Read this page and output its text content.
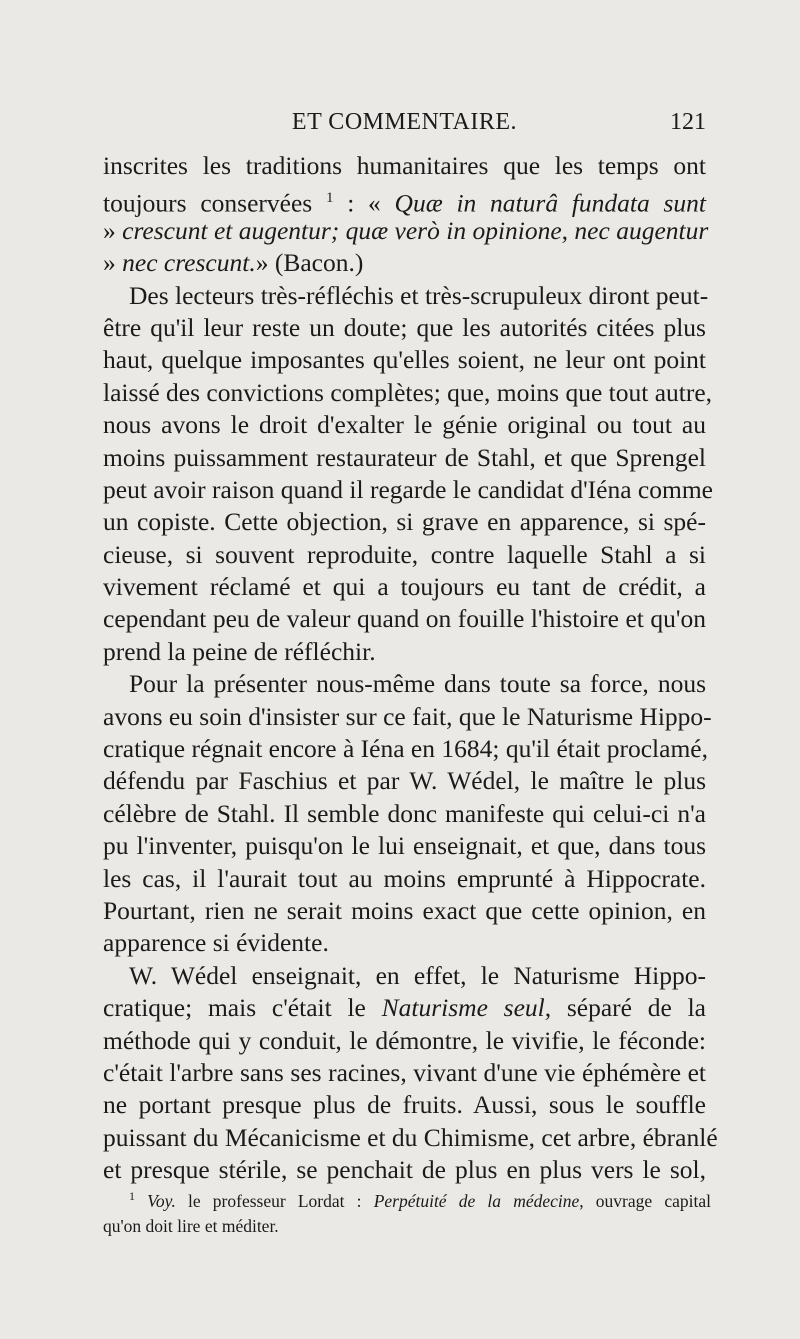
ET COMMENTAIRE.	121
inscrites les traditions humanitaires que les temps ont
toujours conservées $^1$ : « Quæ in naturâ fundata sunt
» crescunt et augentur; quæ verò in opinione, nec augentur
» nec crescunt.» (Bacon.)
Des lecteurs très-réfléchis et très-scrupuleux diront peut-
être qu'il leur reste un doute; que les autorités citées plus
haut, quelque imposantes qu'elles soient, ne leur ont point
laissé des convictions complètes; que, moins que tout autre,
nous avons le droit d'exalter le génie original ou tout au
moins puissamment restaurateur de Stahl, et que Sprengel
peut avoir raison quand il regarde le candidat d'Iéna comme
un copiste. Cette objection, si grave en apparence, si spé-
cieuse, si souvent reproduite, contre laquelle Stahl a si
vivement réclamé et qui a toujours eu tant de crédit, a
cependant peu de valeur quand on fouille l'histoire et qu'on
prend la peine de réfléchir.
Pour la présenter nous-même dans toute sa force, nous
avons eu soin d'insister sur ce fait, que le Naturisme Hippo-
cratique régnait encore à Iéna en 1684; qu'il était proclamé,
défendu par Faschius et par W. Wédel, le maître le plus
célèbre de Stahl. Il semble donc manifeste qui celui-ci n'a
pu l'inventer, puisqu'on le lui enseignait, et que, dans tous
les cas, il l'aurait tout au moins emprunté à Hippocrate.
Pourtant, rien ne serait moins exact que cette opinion, en
apparence si évidente.
W. Wédel enseignait, en effet, le Naturisme Hippo-
cratique; mais c'était le Naturisme seul, séparé de la
méthode qui y conduit, le démontre, le vivifie, le féconde:
c'était l'arbre sans ses racines, vivant d'une vie éphémère et
ne portant presque plus de fruits. Aussi, sous le souffle
puissant du Mécanicisme et du Chimisme, cet arbre, ébranlé
et presque stérile, se penchait de plus en plus vers le sol,
$^1$ Voy. le professeur Lordat : Perpétuité de la médecine, ouvrage capital
qu'on doit lire et méditer.
